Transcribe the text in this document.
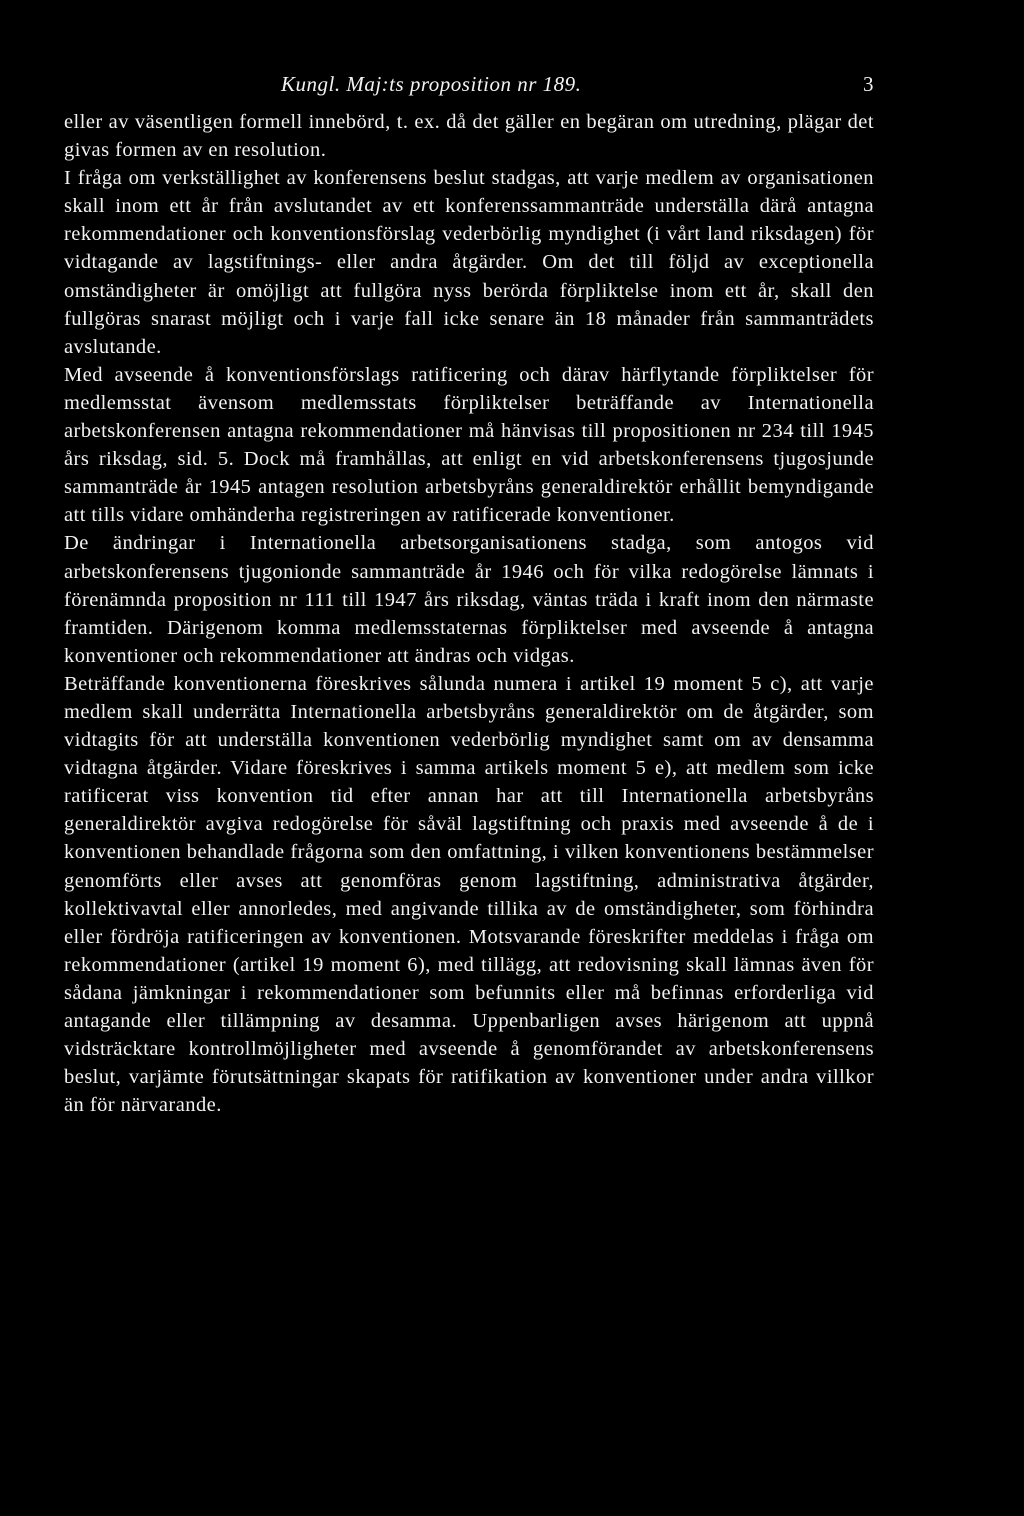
Kungl. Maj:ts proposition nr 189.	3

eller av väsentligen formell innebörd, t. ex. då det gäller en begäran om utredning, plägar det givas formen av en resolution.

I fråga om verkställighet av konferensens beslut stadgas, att varje medlem av organisationen skall inom ett år från avslutandet av ett konferenssammanträde underställa därå antagna rekommendationer och konventionsförslag vederbörlig myndighet (i vårt land riksdagen) för vidtagande av lagstiftnings- eller andra åtgärder. Om det till följd av exceptionella omständigheter är omöjligt att fullgöra nyss berörda förpliktelse inom ett år, skall den fullgöras snarast möjligt och i varje fall icke senare än 18 månader från sammanträdets avslutande.

Med avseende å konventionsförslags ratificering och därav härflytande förpliktelser för medlemsstat ävensom medlemsstats förpliktelser beträffande av Internationella arbetskonferensen antagna rekommendationer må hänvisas till propositionen nr 234 till 1945 års riksdag, sid. 5. Dock må framhållas, att enligt en vid arbetskonferensens tjugosjunde sammanträde år 1945 antagen resolution arbetsbyråns generaldirektör erhållit bemyndigande att tills vidare omhänderha registreringen av ratificerade konventioner.

De ändringar i Internationella arbetsorganisationens stadga, som antogos vid arbetskonferensens tjugonionde sammanträde år 1946 och för vilka redogörelse lämnats i förenämnda proposition nr 111 till 1947 års riksdag, väntas träda i kraft inom den närmaste framtiden. Därigenom komma medlemsstaternas förpliktelser med avseende å antagna konventioner och rekommendationer att ändras och vidgas.

Beträffande konventionerna föreskrives sålunda numera i artikel 19 moment 5 c), att varje medlem skall underrätta Internationella arbetsbyråns generaldirektör om de åtgärder, som vidtagits för att underställa konventionen vederbörlig myndighet samt om av densamma vidtagna åtgärder. Vidare föreskrives i samma artikels moment 5 e), att medlem som icke ratificerat viss konvention tid efter annan har att till Internationella arbetsbyråns generaldirektör avgiva redogörelse för såväl lagstiftning och praxis med avseende å de i konventionen behandlade frågorna som den omfattning, i vilken konventionens bestämmelser genomförts eller avses att genomföras genom lagstiftning, administrativa åtgärder, kollektivavtal eller annorledes, med angivande tillika av de omständigheter, som förhindra eller fördröja ratificeringen av konventionen. Motsvarande föreskrifter meddelas i fråga om rekommendationer (artikel 19 moment 6), med tillägg, att redovisning skall lämnas även för sådana jämkningar i rekommendationer som befunnits eller må befinnas erforderliga vid antagande eller tillämpning av desamma. Uppenbarligen avses härigenom att uppnå vidsträcktare kontrollmöjligheter med avseende å genomförandet av arbetskonferensens beslut, varjämte förutsättningar skapats för ratifikation av konventioner under andra villkor än för närvarande.
